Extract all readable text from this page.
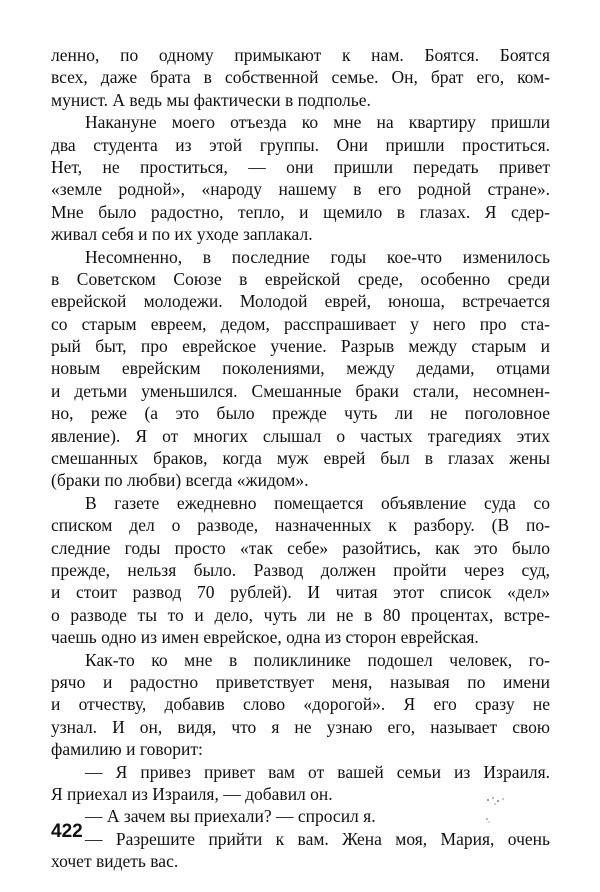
ленно, по одному примыкают к нам. Боятся. Боятся
всех, даже брата в собственной семье. Он, брат его, ком-
мунист. А ведь мы фактически в подполье.
Накануне моего отъезда ко мне на квартиру пришли
два студента из этой группы. Они пришли проститься.
Нет, не проститься, — они пришли передать привет
«земле родной», «народу нашему в его родной стране».
Мне было радостно, тепло, и щемило в глазах. Я сдер-
живал себя и по их уходе заплакал.
Несомненно, в последние годы кое-что изменилось
в Советском Союзе в еврейской среде, особенно среди
еврейской молодежи. Молодой еврей, юноша, встречается
со старым евреем, дедом, расспрашивает у него про ста-
рый быт, про еврейское учение. Разрыв между старым и
новым еврейским поколениями, между дедами, отцами
и детьми уменьшился. Смешанные браки стали, несомнен-
но, реже (а это было прежде чуть ли не поголовное
явление). Я от многих слышал о частых трагедиях этих
смешанных браков, когда муж еврей был в глазах жены
(браки по любви) всегда «жидом».
В газете ежедневно помещается объявление суда со
списком дел о разводе, назначенных к разбору. (В по-
следние годы просто «так себе» разойтись, как это было
прежде, нельзя было. Развод должен пройти через суд,
и стоит развод 70 рублей). И читая этот список «дел»
о разводе ты то и дело, чуть ли не в 80 процентах, встре-
чаешь одно из имен еврейское, одна из сторон еврейская.
Как-то ко мне в поликлинике подошел человек, го-
рячо и радостно приветствует меня, называя по имени
и отчеству, добавив слово «дорогой». Я его сразу не
узнал. И он, видя, что я не узнаю его, называет свою
фамилию и говорит:
— Я привез привет вам от вашей семьи из Израиля.
Я приехал из Израиля, — добавил он.
— А зачем вы приехали? — спросил я.
— Разрешите прийти к вам. Жена моя, Мария, очень
хочет видеть вас.
422
